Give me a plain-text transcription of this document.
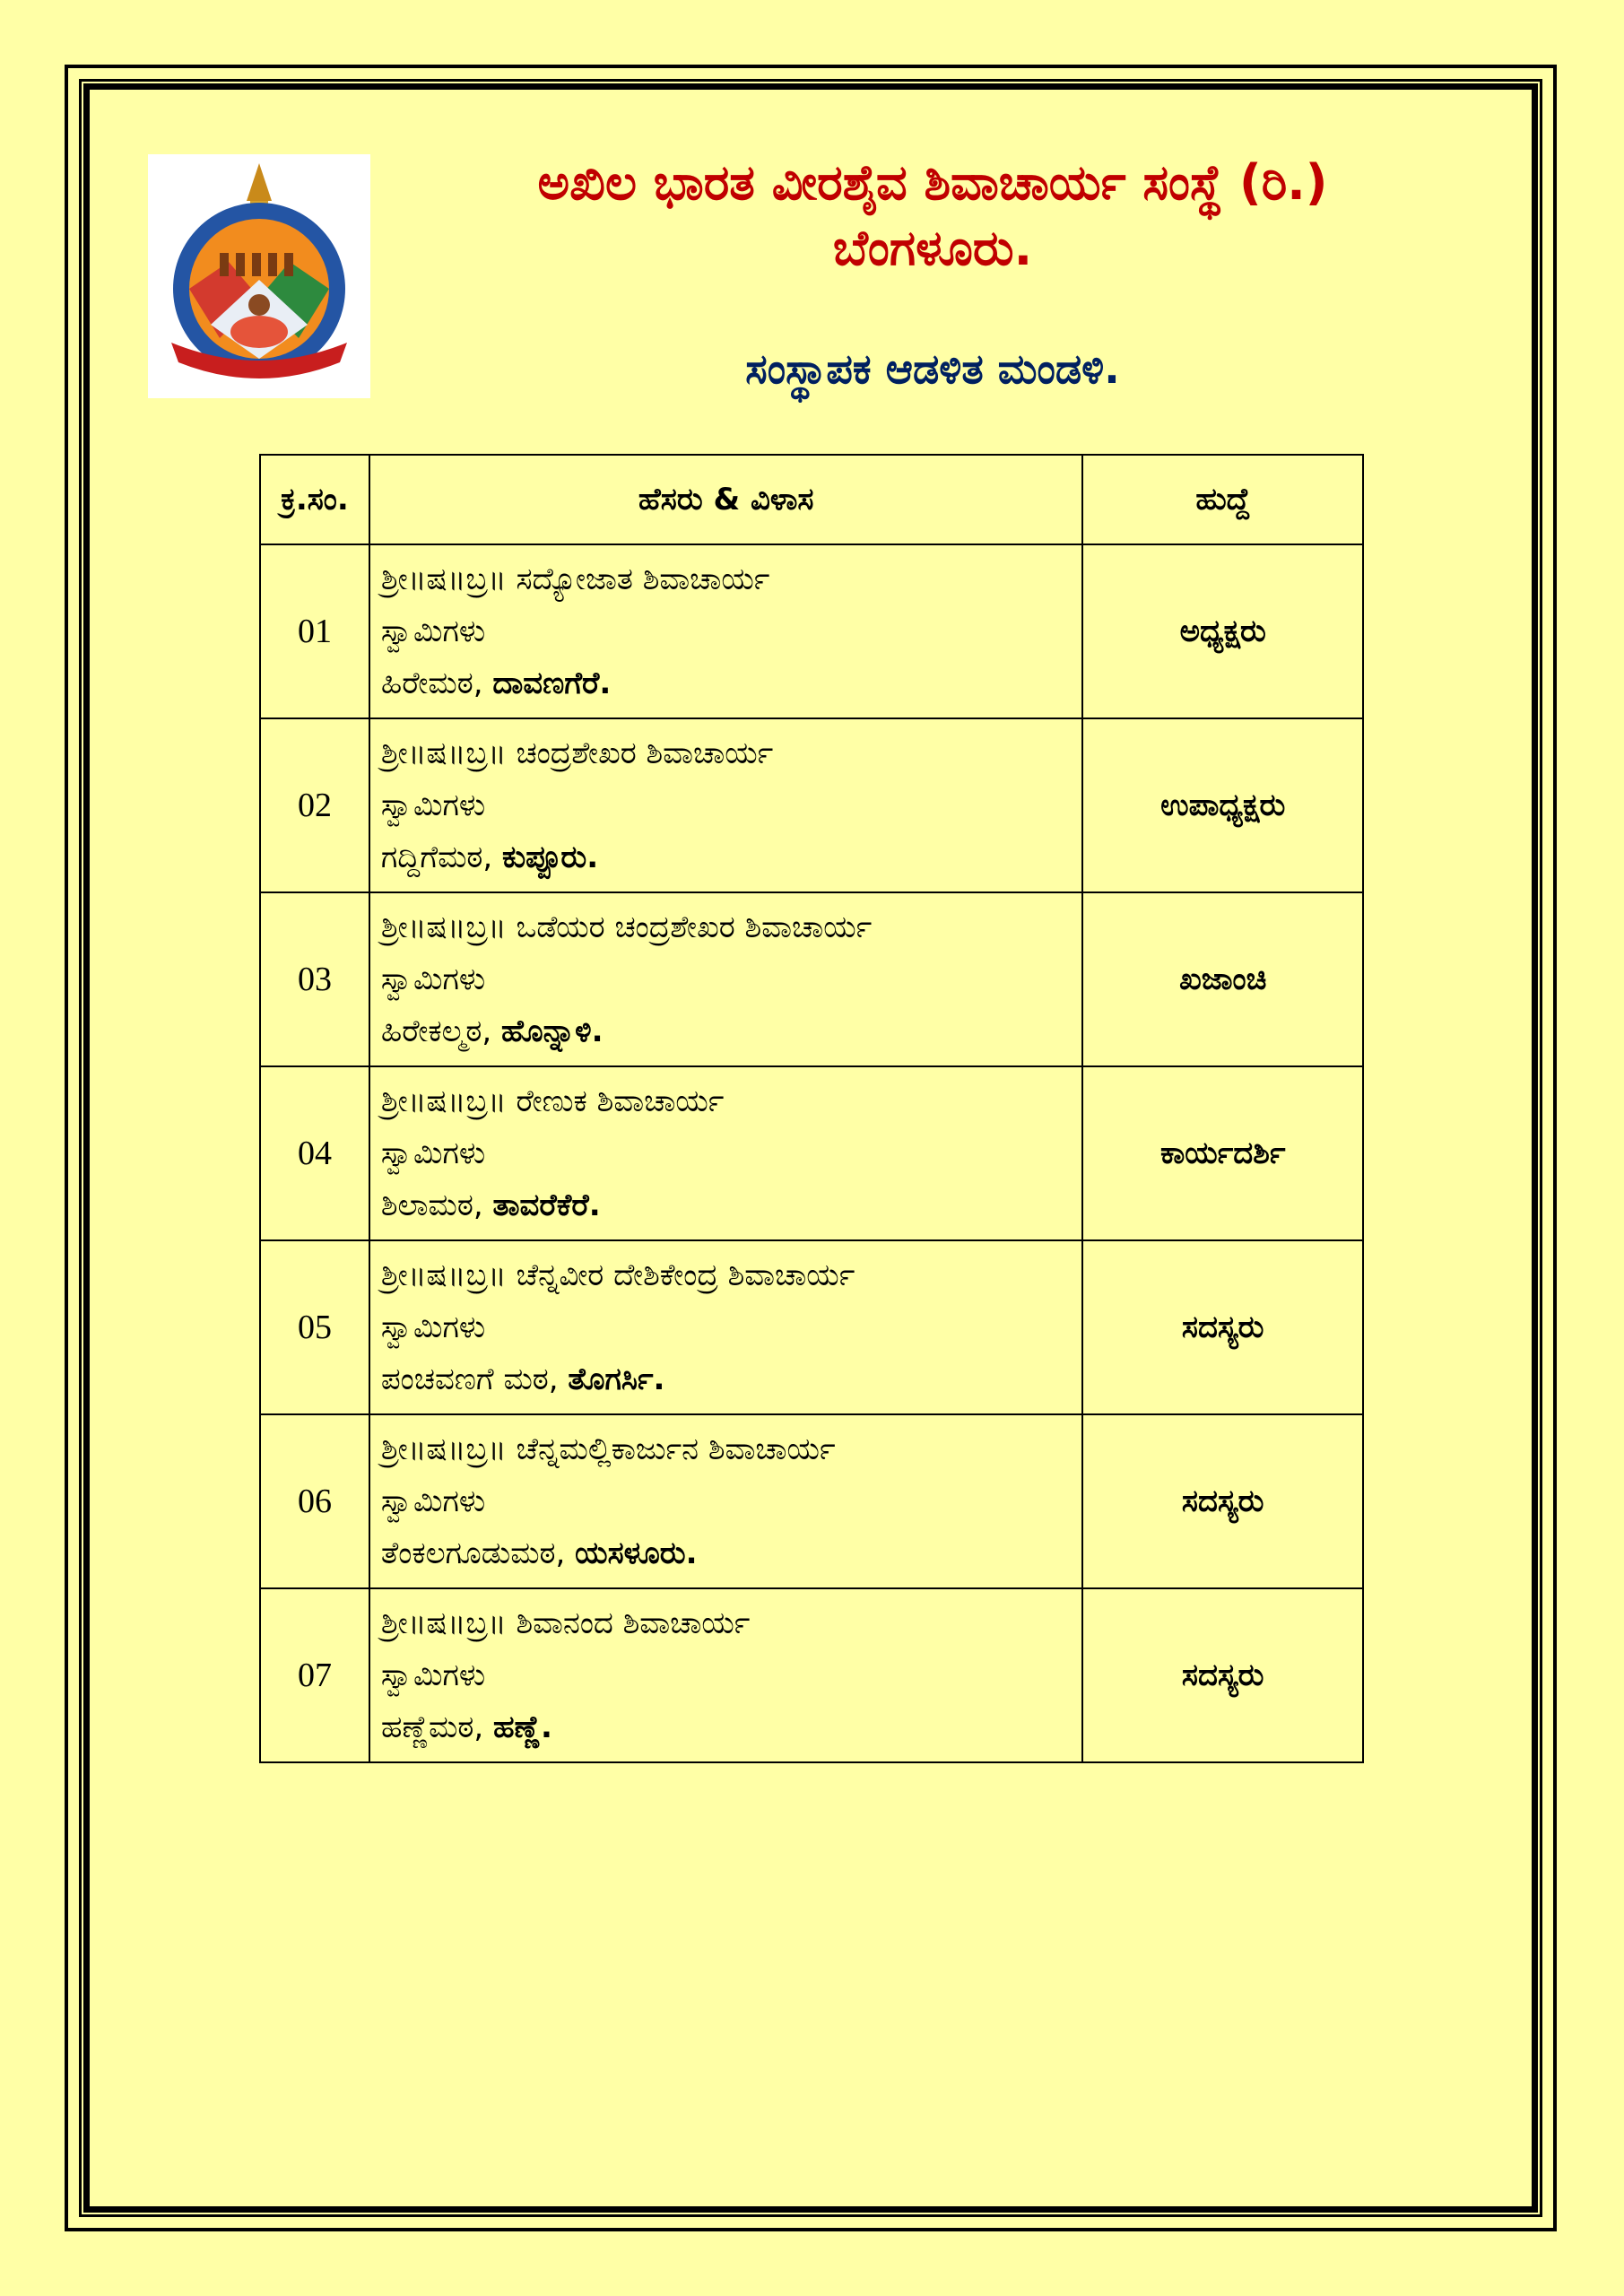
ಅಖಿಲ ಭಾರತ ವೀರಶೈವ ಶಿವಾಚಾರ್ಯ ಸಂಸ್ಥೆ (ರಿ.)
ಬೆಂಗಳೂರು.
ಸಂಸ್ಥಾಪಕ ಆಡಳಿತ ಮಂಡಳಿ.
ಕ್ರ.ಸಂ.	ಹೆಸರು & ವಿಳಾಸ	ಹುದ್ದೆ
01	ಶ್ರೀ॥ಷ॥ಬ್ರ॥ ಸದ್ಯೋಜಾತ ಶಿವಾಚಾರ್ಯ
ಸ್ವಾಮಿಗಳು
ಹಿರೇಮಠ, ದಾವಣಗೆರೆ.	ಅಧ್ಯಕ್ಷರು
02	ಶ್ರೀ॥ಷ॥ಬ್ರ॥ ಚಂದ್ರಶೇಖರ ಶಿವಾಚಾರ್ಯ
ಸ್ವಾಮಿಗಳು
ಗದ್ದಿಗೆಮಠ, ಕುಪ್ಪೂರು.	ಉಪಾಧ್ಯಕ್ಷರು
03	ಶ್ರೀ॥ಷ॥ಬ್ರ॥ ಒಡೆಯರ ಚಂದ್ರಶೇಖರ ಶಿವಾಚಾರ್ಯ
ಸ್ವಾಮಿಗಳು
ಹಿರೇಕಲ್ಮಠ, ಹೊನ್ನಾಳಿ.	ಖಜಾಂಚಿ
04	ಶ್ರೀ॥ಷ॥ಬ್ರ॥ ರೇಣುಕ ಶಿವಾಚಾರ್ಯ
ಸ್ವಾಮಿಗಳು
ಶಿಲಾಮಠ, ತಾವರೆಕೆರೆ.	ಕಾರ್ಯದರ್ಶಿ
05	ಶ್ರೀ॥ಷ॥ಬ್ರ॥ ಚೆನ್ನವೀರ ದೇಶಿಕೇಂದ್ರ ಶಿವಾಚಾರ್ಯ
ಸ್ವಾಮಿಗಳು
ಪಂಚವಣಗೆ ಮಠ, ತೊಗರ್ಸಿ.	ಸದಸ್ಯರು
06	ಶ್ರೀ॥ಷ॥ಬ್ರ॥ ಚೆನ್ನಮಲ್ಲಿಕಾರ್ಜುನ ಶಿವಾಚಾರ್ಯ
ಸ್ವಾಮಿಗಳು
ತೆಂಕಲಗೂಡುಮಠ, ಯಸಳೂರು.	ಸದಸ್ಯರು
07	ಶ್ರೀ॥ಷ॥ಬ್ರ॥ ಶಿವಾನಂದ ಶಿವಾಚಾರ್ಯ
ಸ್ವಾಮಿಗಳು
ಹಣ್ಣೆಮಠ, ಹಣ್ಣೆ.	ಸದಸ್ಯರು
